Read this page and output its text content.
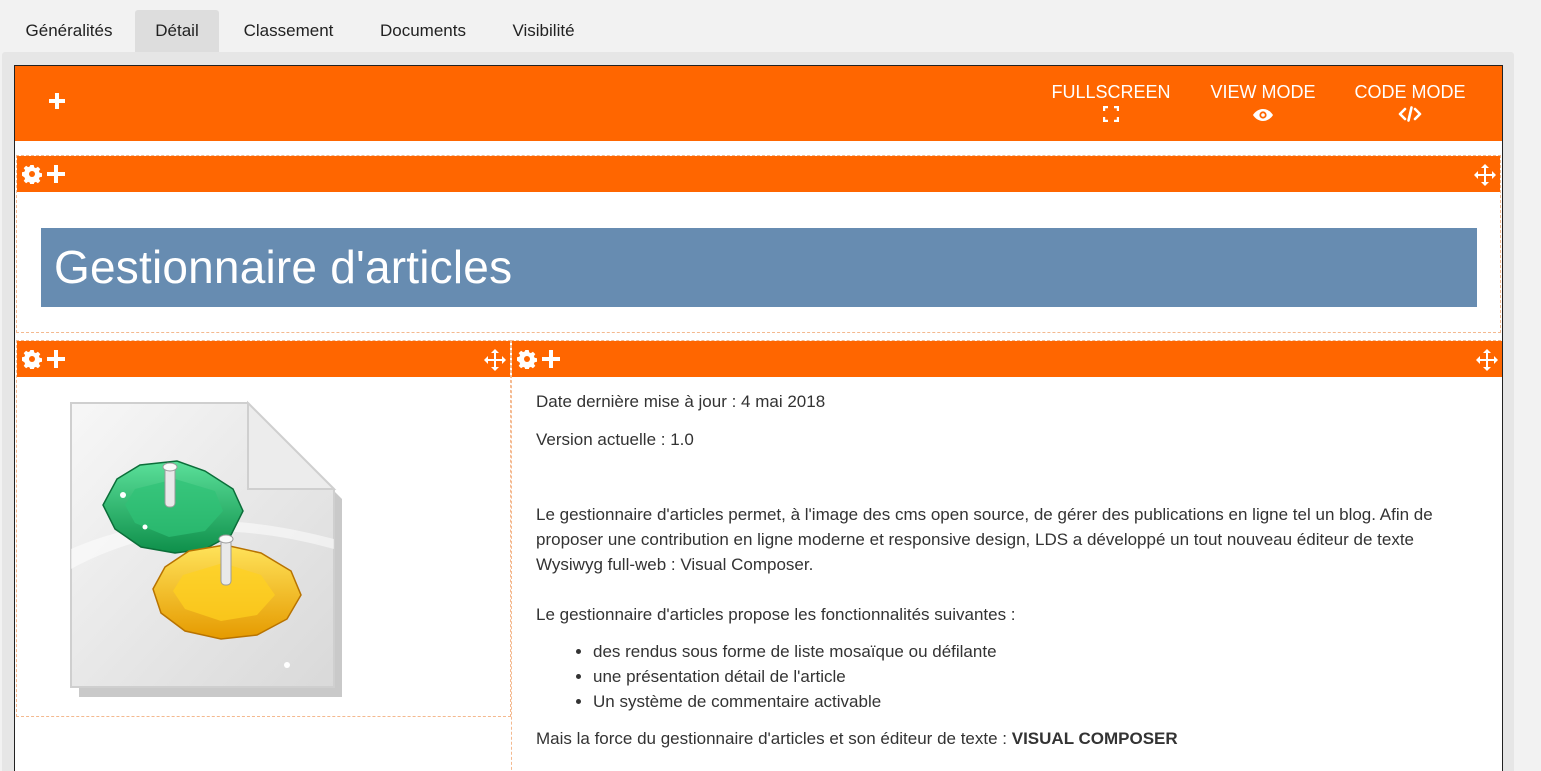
Généralités	Détail	Classement	Documents	Visibilité
FULLSCREEN VIEW MODE CODE MODE
Gestionnaire d'articles

Date dernière mise à jour : 4 mai 2018

Version actuelle : 1.0

Le gestionnaire d'articles permet, à l'image des cms open source, de gérer des publications en ligne tel un blog. Afin de proposer une contribution en ligne moderne et responsive design, LDS a développé un tout nouveau éditeur de texte Wysiwyg full-web : Visual Composer.

Le gestionnaire d'articles propose les fonctionnalités suivantes :

• des rendus sous forme de liste mosaïque ou défilante
• une présentation détail de l'article
• Un système de commentaire activable

Mais la force du gestionnaire d'articles et son éditeur de texte : VISUAL COMPOSER
